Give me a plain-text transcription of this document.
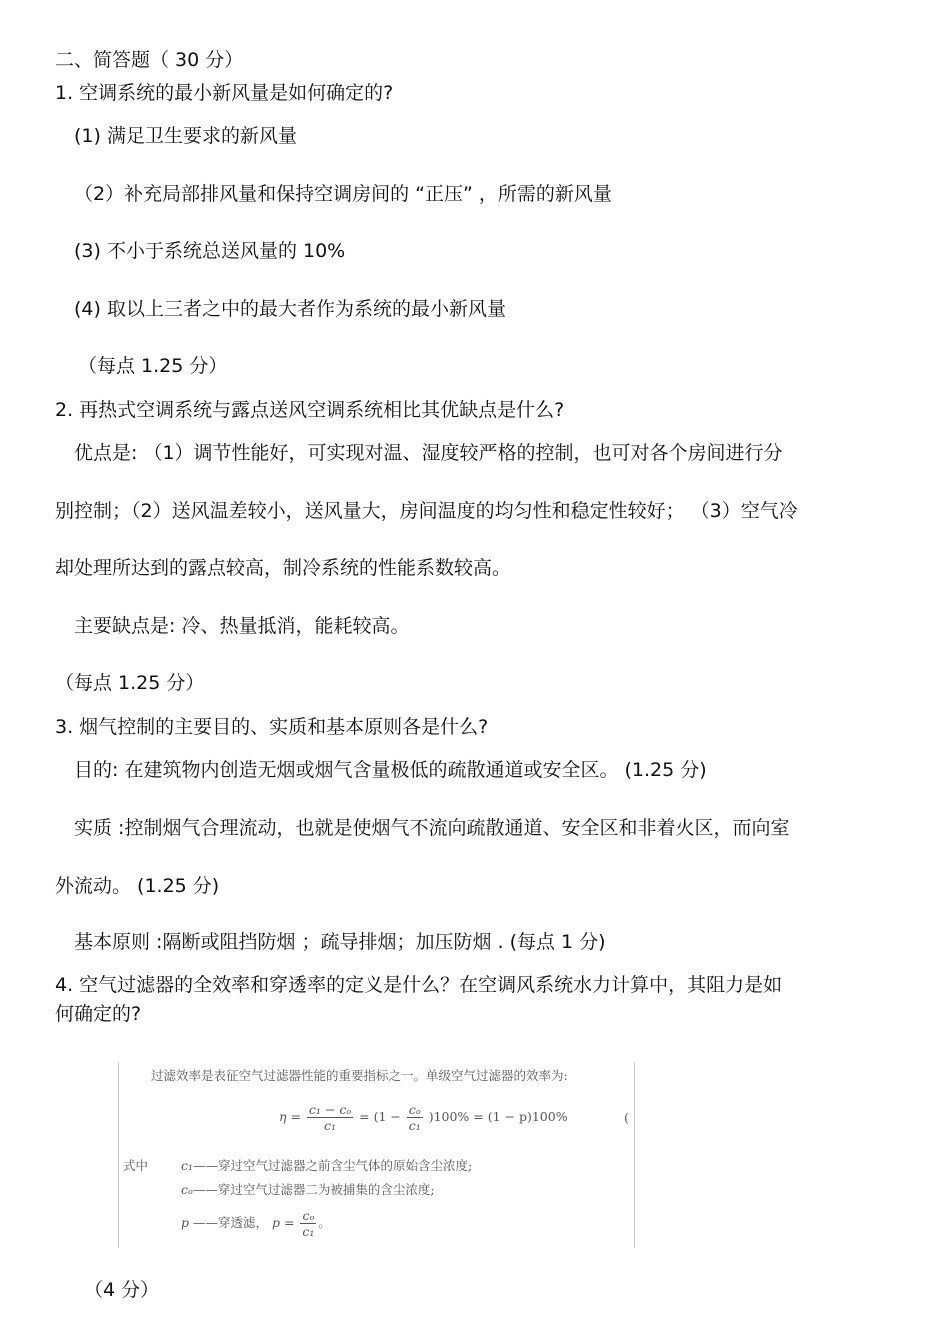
二、简答题（ 30 分）
1. 空调系统的最小新风量是如何确定的?
(1) 满足卫生要求的新风量
（2）补充局部排风量和保持空调房间的 “正压” ，所需的新风量
(3) 不小于系统总送风量的 10%
(4) 取以上三者之中的最大者作为系统的最小新风量
（每点 1.25 分）
2. 再热式空调系统与露点送风空调系统相比其优缺点是什么?
优点是: （1）调节性能好，可实现对温、湿度较严格的控制，也可对各个房间进行分
别控制；（2）送风温差较小，送风量大，房间温度的均匀性和稳定性较好； （3）空气冷
却处理所达到的露点较高，制冷系统的性能系数较高。
主要缺点是: 冷、热量抵消，能耗较高。
（每点 1.25 分）
3. 烟气控制的主要目的、实质和基本原则各是什么?
目的: 在建筑物内创造无烟或烟气含量极低的疏散通道或安全区。 (1.25 分)
实质 :控制烟气合理流动，也就是使烟气不流向疏散通道、安全区和非着火区，而向室
外流动。 (1.25 分)
基本原则 :隔断或阻挡防烟 ；疏导排烟；加压防烟 . (每点 1 分)
4. 空气过滤器的全效率和穿透率的定义是什么？在空调风系统水力计算中，其阻力是如
何确定的?
（4 分）
过滤效率是表征空气过滤器性能的重要指标之一。单级空气过滤器的效率为:
$\eta = \frac{\text{c₁ − cₒ}}{\text{c₁}} = (1 - \frac{\text{cₒ}}{\text{c₁}} )100\% = (1 - p)100\%$	(
式中	c₁——穿过空气过滤器之前含尘气体的原始含尘浓度;
cₒ——穿过空气过滤器二为被捕集的含尘浓度;
p ——穿透滤， $p = \frac{\text{cₒ}}{\text{c₁}}$ 。
